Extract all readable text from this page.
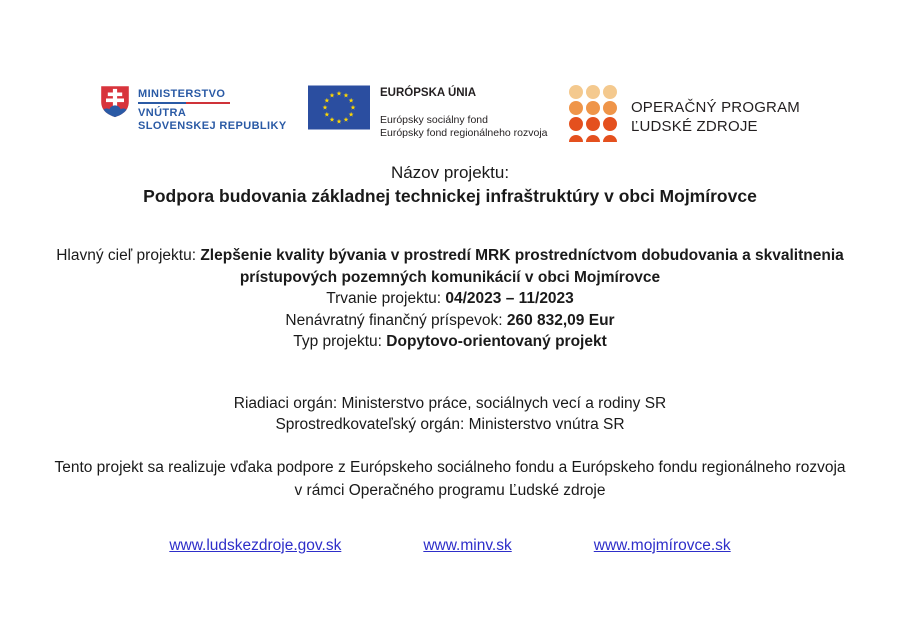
MINISTERSTVO
VNÚTRA
SLOVENSKEJ REPUBLIKY
EURÓPSKA ÚNIA
Európsky sociálny fond
Európsky fond regionálneho rozvoja
OPERAČNÝ PROGRAM
ĽUDSKÉ ZDROJE

Názov projektu:

Podpora budovania základnej technickej infraštruktúry v obci Mojmírovce

Hlavný cieľ projektu: Zlepšenie kvality bývania v prostredí MRK prostredníctvom dobudovania a skvalitnenia
prístupových pozemných komunikácií v obci Mojmírovce

Trvanie projektu: 04/2023 – 11/2023

Nenávratný finančný príspevok: 260 832,09 Eur

Typ projektu: Dopytovo-orientovaný projekt

Riadiaci orgán: Ministerstvo práce, sociálnych vecí a rodiny SR

Sprostredkovateľský orgán: Ministerstvo vnútra SR

Tento projekt sa realizuje vďaka podpore z Európskeho sociálneho fondu a Európskeho fondu regionálneho rozvoja
v rámci Operačného programu Ľudské zdroje

www.ludskezdroje.gov.sk	www.minv.sk	www.mojmírovce.sk
